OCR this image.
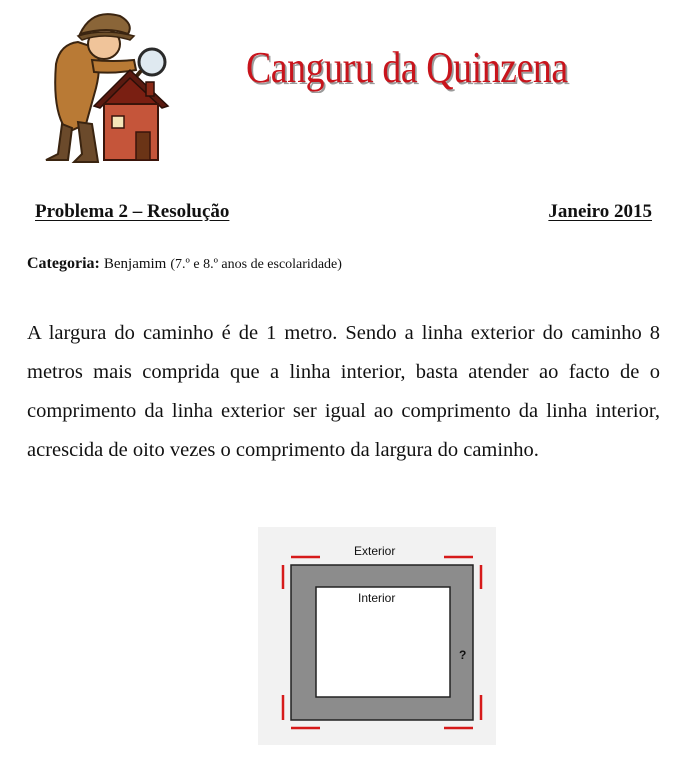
Canguru da Quinzena
Problema 2 – Resolução	Janeiro 2015
Categoria: Benjamim (7.º e 8.º anos de escolaridade)
A largura do caminho é de 1 metro. Sendo a linha exterior do caminho 8 metros mais comprida que a linha interior, basta atender ao facto de o comprimento da linha exterior ser igual ao comprimento da linha interior, acrescida de oito vezes o comprimento da largura do caminho.
Exterior
Interior
?
